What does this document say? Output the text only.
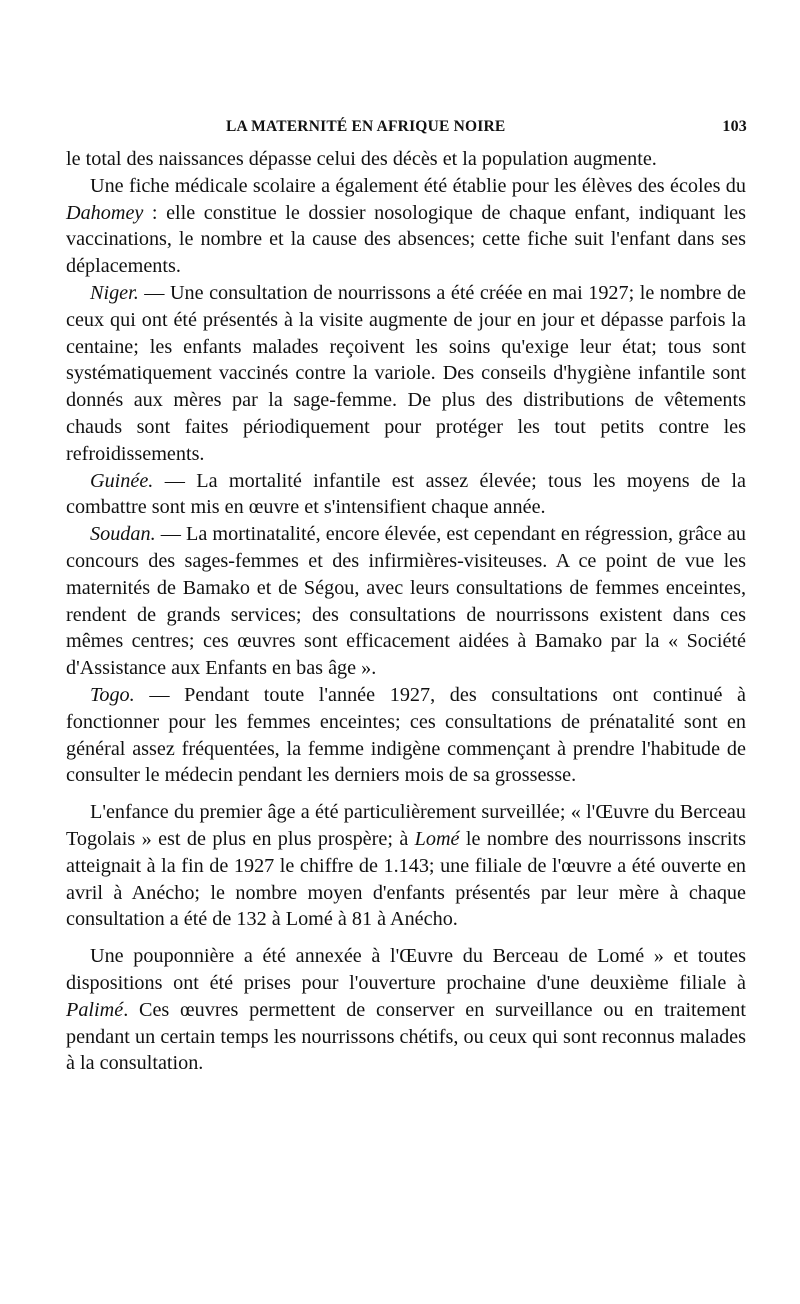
LA MATERNITÉ EN AFRIQUE NOIRE	103

le total des naissances dépasse celui des décès et la population augmente.

Une fiche médicale scolaire a également été établie pour les élèves des écoles du Dahomey : elle constitue le dossier nosologique de chaque enfant, indiquant les vaccinations, le nombre et la cause des absences; cette fiche suit l'enfant dans ses déplacements.

Niger. — Une consultation de nourrissons a été créée en mai 1927; le nombre de ceux qui ont été présentés à la visite augmente de jour en jour et dépasse parfois la centaine; les enfants malades reçoivent les soins qu'exige leur état; tous sont systématiquement vaccinés contre la variole. Des conseils d'hygiène infantile sont donnés aux mères par la sage-femme. De plus des distributions de vêtements chauds sont faites périodiquement pour protéger les tout petits contre les refroidissements.

Guinée. — La mortalité infantile est assez élevée; tous les moyens de la combattre sont mis en œuvre et s'intensifient chaque année.

Soudan. — La mortinatalité, encore élevée, est cependant en régression, grâce au concours des sages-femmes et des infirmières-visiteuses. A ce point de vue les maternités de Bamako et de Ségou, avec leurs consultations de femmes enceintes, rendent de grands services; des consultations de nourrissons existent dans ces mêmes centres; ces œuvres sont efficacement aidées à Bamako par la « Société d'Assistance aux Enfants en bas âge ».

Togo. — Pendant toute l'année 1927, des consultations ont continué à fonctionner pour les femmes enceintes; ces consultations de prénatalité sont en général assez fréquentées, la femme indigène commençant à prendre l'habitude de consulter le médecin pendant les derniers mois de sa grossesse.

L'enfance du premier âge a été particulièrement surveillée; « l'Œuvre du Berceau Togolais » est de plus en plus prospère; à Lomé le nombre des nourrissons inscrits atteignait à la fin de 1927 le chiffre de 1.143; une filiale de l'œuvre a été ouverte en avril à Anécho; le nombre moyen d'enfants présentés par leur mère à chaque consultation a été de 132 à Lomé à 81 à Anécho.

Une pouponnière a été annexée à l'Œuvre du Berceau de Lomé » et toutes dispositions ont été prises pour l'ouverture prochaine d'une deuxième filiale à Palimé. Ces œuvres permettent de conserver en surveillance ou en traitement pendant un certain temps les nourrissons chétifs, ou ceux qui sont reconnus malades à la consultation.
